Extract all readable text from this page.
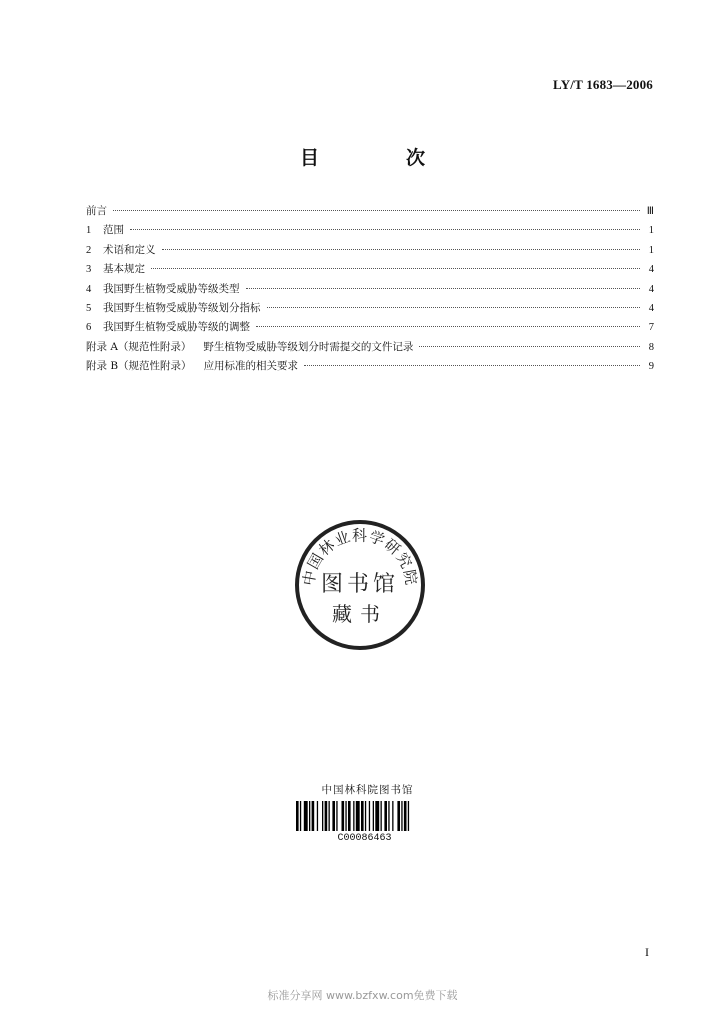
LY/T 1683—2006
目　次
前言	Ⅲ
1	范围	1
2	术语和定义	1
3	基本规定	4
4	我国野生植物受威胁等级类型	4
5	我国野生植物受威胁等级划分指标	4
6	我国野生植物受威胁等级的调整	7
附录 A（规范性附录） 野生植物受威胁等级划分时需提交的文件记录	8
附录 B（规范性附录） 应用标准的相关要求	9
中国林业科学研究院
图书馆
藏书
中国林科院图书馆
C00086463
I
标准分享网 www.bzfxw.com免费下载
